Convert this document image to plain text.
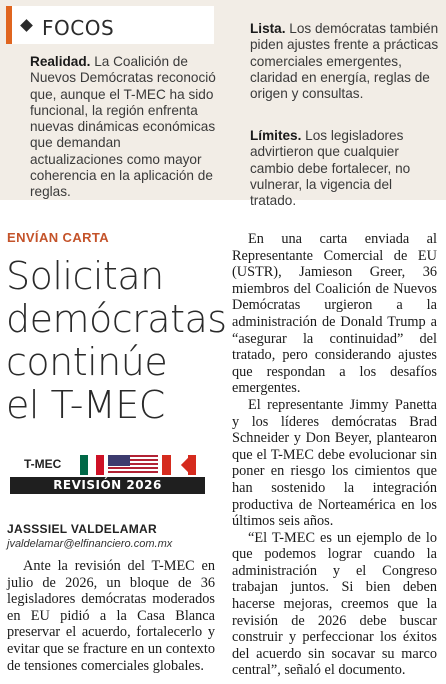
FOCOS
Realidad. La Coalición de Nuevos Demócratas reconoció que, aunque el T-MEC ha sido funcional, la región enfrenta nuevas dinámicas económicas que demandan actualizaciones como mayor coherencia en la aplicación de reglas.
Lista. Los demócratas también piden ajustes frente a prácticas comerciales emergentes, claridad en energía, reglas de origen y consultas.
Límites. Los legisladores advirtieron que cualquier cambio debe fortalecer, no vulnerar, la vigencia del tratado.
ENVÍAN CARTA
Solicitan
demócratas
continúe
el T-MEC
T-MEC
REVISIÓN 2026
JASSSIEL VALDELAMAR
jvaldelamar@elfinanciero.com.mx

Ante la revisión del T-MEC en julio de 2026, un bloque de 36 legisladores demócratas moderados en EU pidió a la Casa Blanca preservar el acuerdo, fortalecerlo y evitar que se fracture en un contexto de tensiones comerciales globales.

En una carta enviada al Representante Comercial de EU (USTR), Jamieson Greer, 36 miembros del Coalición de Nuevos Demócratas urgieron a la administración de Donald Trump a “asegurar la continuidad” del tratado, pero considerando ajustes que respondan a los desafíos emergentes.

El representante Jimmy Panetta y los líderes demócratas Brad Schneider y Don Beyer, plantearon que el T-MEC debe evolucionar sin poner en riesgo los cimientos que han sostenido la integración productiva de Norteamérica en los últimos seis años.

“El T-MEC es un ejemplo de lo que podemos lograr cuando la administración y el Congreso trabajan juntos. Si bien deben hacerse mejoras, creemos que la revisión de 2026 debe buscar construir y perfeccionar los éxitos del acuerdo sin socavar su marco central”, señaló el documento.
